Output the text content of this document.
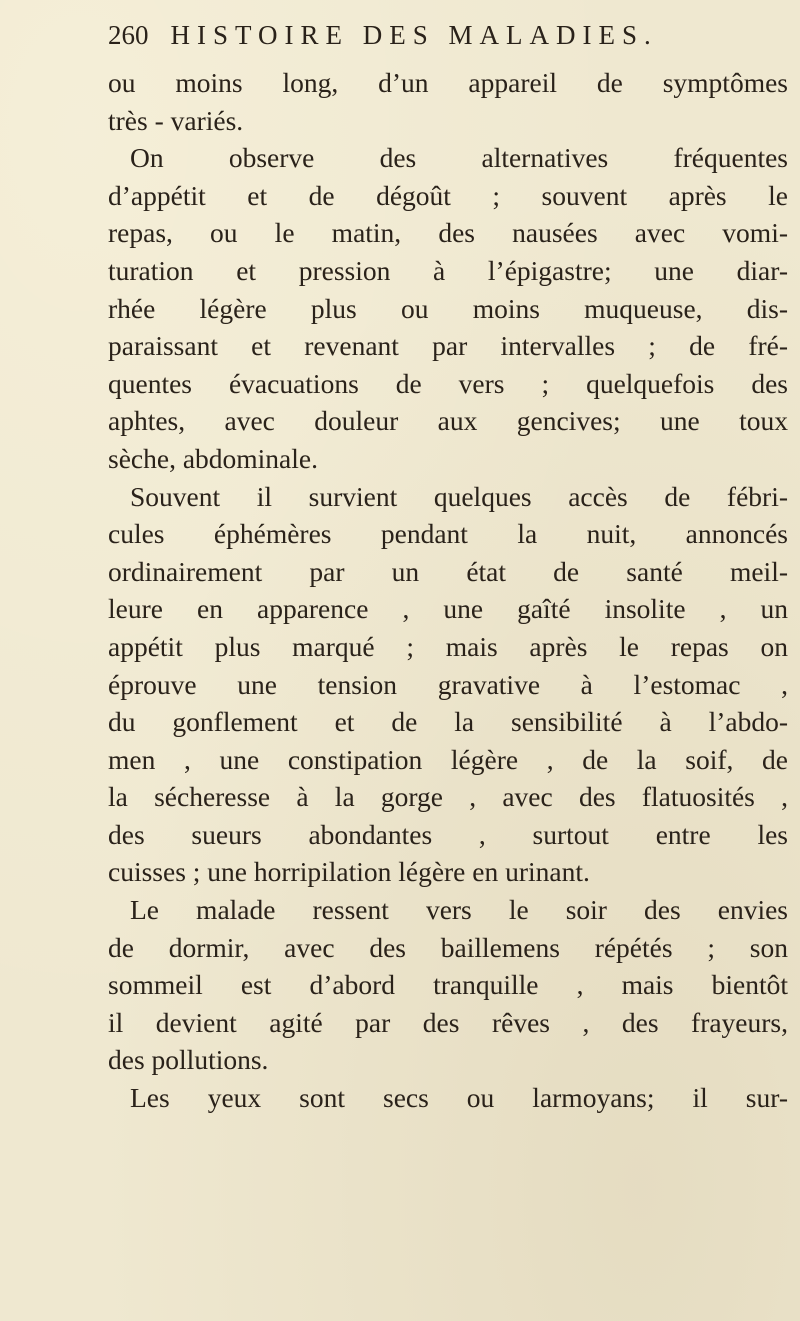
260 HISTOIRE DES MALADIES.
ou moins long, d’un appareil de symptômes
très - variés.
On observe des alternatives fréquentes
d’appétit et de dégoût ; souvent après le
repas, ou le matin, des nausées avec vomi-
turation et pression à l’épigastre; une diar-
rhée légère plus ou moins muqueuse, dis-
paraissant et revenant par intervalles ; de fré-
quentes évacuations de vers ; quelquefois des
aphtes, avec douleur aux gencives; une toux
sèche, abdominale.
Souvent il survient quelques accès de fébri-
cules éphémères pendant la nuit, annoncés
ordinairement par un état de santé meil-
leure en apparence , une gaîté insolite , un
appétit plus marqué ; mais après le repas on
éprouve une tension gravative à l’estomac ,
du gonflement et de la sensibilité à l’abdo-
men , une constipation légère , de la soif, de
la sécheresse à la gorge , avec des flatuosités ,
des sueurs abondantes , surtout entre les
cuisses ; une horripilation légère en urinant.
Le malade ressent vers le soir des envies
de dormir, avec des baillemens répétés ; son
sommeil est d’abord tranquille , mais bientôt
il devient agité par des rêves , des frayeurs,
des pollutions.
Les yeux sont secs ou larmoyans; il sur-
